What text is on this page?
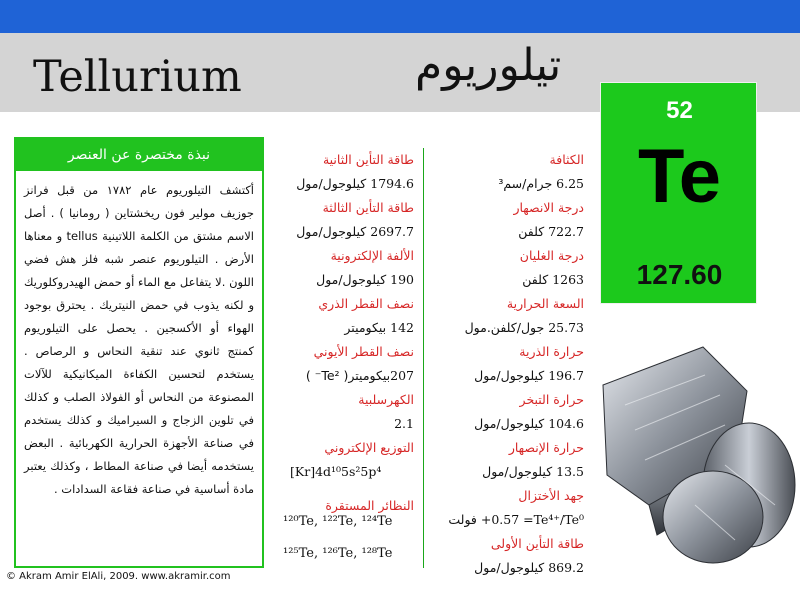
Tellurium	تيلوريوم
52
Te
127.60
نبذة مختصرة عن العنصر
أكتشف التيلوريوم عام ١٧٨٢ من قبل فرانز جوزيف مولير فون ريخشتاين ( رومانيا ) . أصل الاسم مشتق من الكلمة اللاتينية tellus و معناها الأرض . التيلوريوم عنصر شبه فلز هش فضي اللون .لا يتفاعل مع الماء أو حمض الهيدروكلوريك و لكنه يذوب في حمض النيتريك . يحترق بوجود الهواء أو الأكسجين . يحصل على التيلوريوم كمنتج ثانوي عند تنقية النحاس و الرصاص . يستخدم لتحسين الكفاءة الميكانيكية للآلات المصنوعة من النحاس أو الفولاذ الصلب و كذلك في تلوين الزجاج و السيراميك و كذلك يستخدم في صناعة الأجهزة الحرارية الكهربائية . البعض يستخدمه أيضا في صناعة المطاط ، وكذلك يعتبر مادة أساسية في صناعة فقاعة السدادات .
طاقة التأين الثانية
1794.6 كيلوجول/مول
طاقة التأين الثالثة
2697.7 كيلوجول/مول
الألفة الإلكترونية
190 كيلوجول/مول
نصف القطر الذري
142 بيكوميتر
نصف القطر الأيوني
207بيكوميتر( Te²⁻ )
الكهرسلبية
2.1
التوزيع الإلكتروني
[Kr]4d¹⁰5s²5p⁴
النظائر المستقرة
¹²⁰Te, ¹²²Te, ¹²⁴Te
¹²⁵Te, ¹²⁶Te, ¹²⁸Te
الكثافة
6.25 جرام/سم³
درجة الانصهار
722.7 كلفن
درجة الغليان
1263 كلفن
السعة الحرارية
25.73 جول/كلفن.مول
حرارة الذرية
196.7 كيلوجول/مول
حرارة التبخر
104.6 كيلوجول/مول
حرارة الإنصهار
13.5 كيلوجول/مول
جهد الأختزال
+0.57 =Te⁴⁺/Te⁰ فولت
طاقة التأين الأولى
869.2 كيلوجول/مول
© Akram Amir ElAli, 2009. www.akramir.com
